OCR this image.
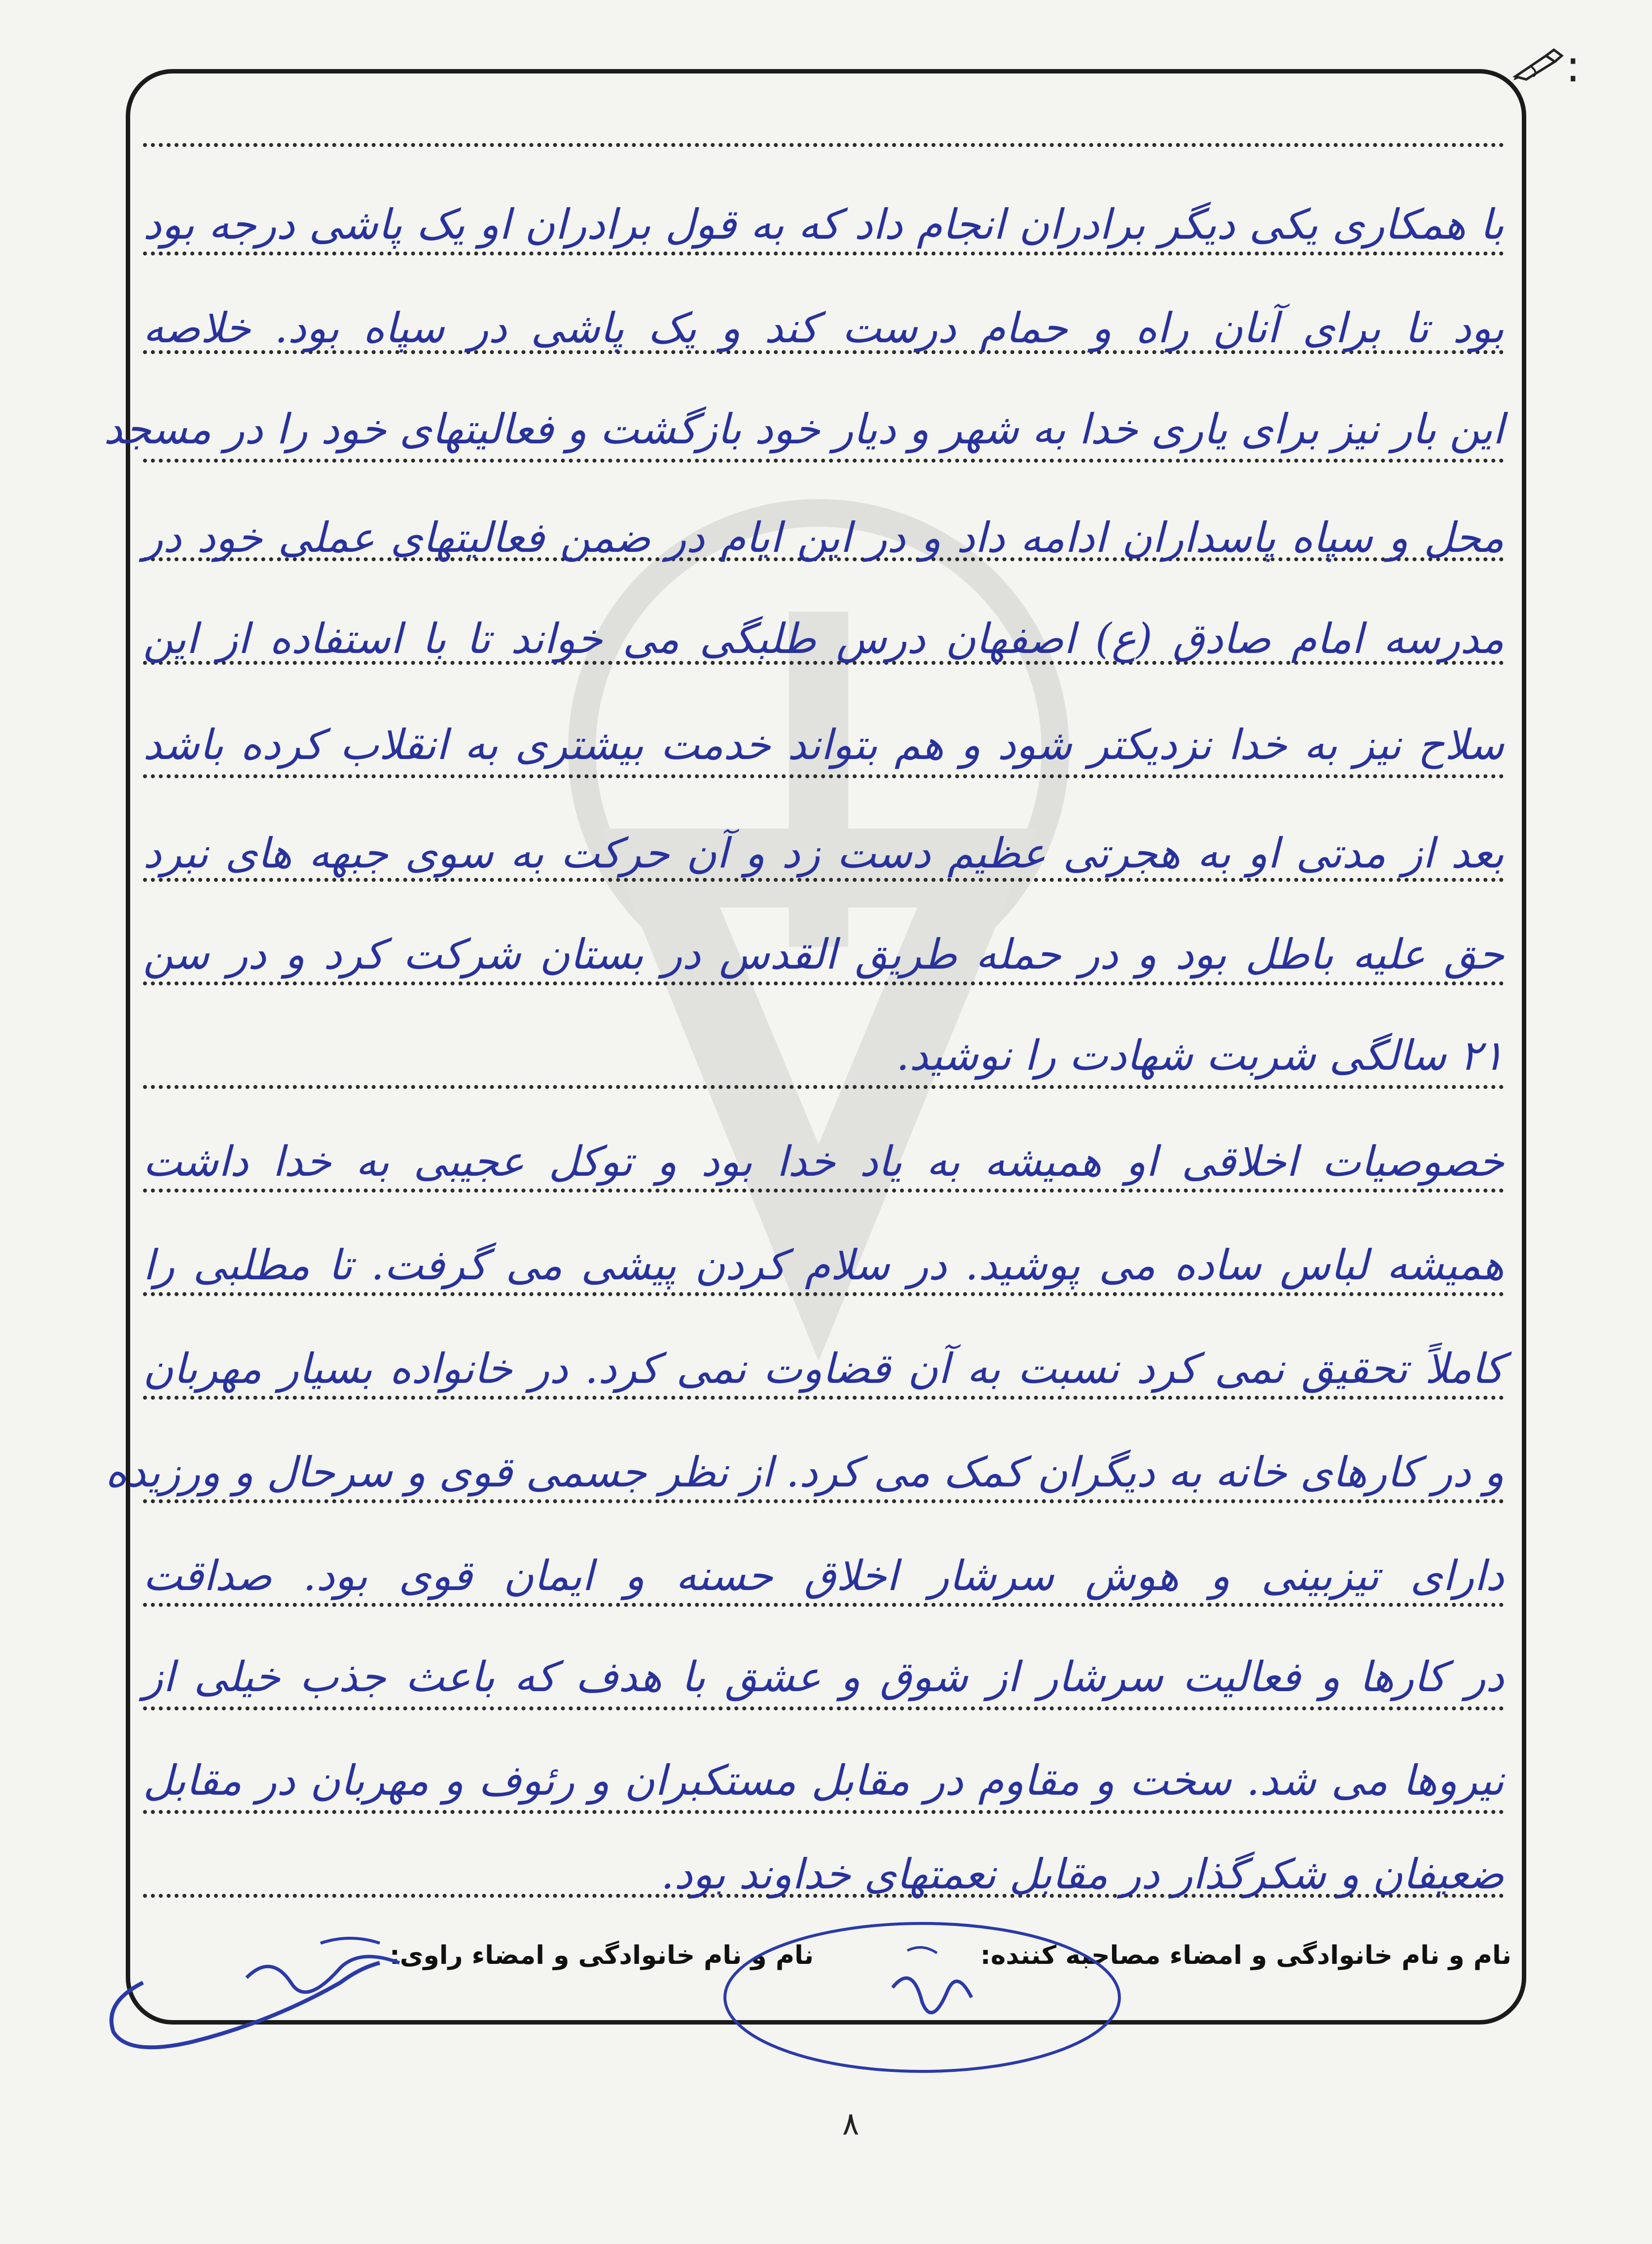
:
با همکاری یکی دیگر برادران انجام داد که به قول برادران او یک پاشی درجه بود
بود تا برای آنان راه و حمام درست کند و یک پاشی در سپاه بود. خلاصه
این بار نیز برای یاری خدا به شهر و دیار خود بازگشت و فعالیتهای خود را در مسجد
محل و سپاه پاسداران ادامه داد و در این ایام در ضمن فعالیتهای عملی خود در
مدرسه امام صادق (ع) اصفهان درس طلبگی می خواند تا با استفاده از این
سلاح نیز به خدا نزدیکتر شود و هم بتواند خدمت بیشتری به انقلاب کرده باشد
بعد از مدتی او به هجرتی عظیم دست زد و آن حرکت به سوی جبهه های نبرد
حق علیه باطل بود و در حمله طریق القدس در بستان شرکت کرد و در سن
۲۱ سالگی شربت شهادت را نوشید.
خصوصیات اخلاقی او همیشه به یاد خدا بود و توکل عجیبی به خدا داشت
همیشه لباس ساده می پوشید. در سلام کردن پیشی می گرفت. تا مطلبی را
کاملاً تحقیق نمی کرد نسبت به آن قضاوت نمی کرد. در خانواده بسیار مهربان
و در کارهای خانه به دیگران کمک می کرد. از نظر جسمی قوی و سرحال و ورزیده
دارای تیزبینی و هوش سرشار اخلاق حسنه و ایمان قوی بود. صداقت
در کارها و فعالیت سرشار از شوق و عشق با هدف که باعث جذب خیلی از
نیروها می شد. سخت و مقاوم در مقابل مستکبران و رئوف و مهربان در مقابل
ضعیفان و شکرگذار در مقابل نعمتهای خداوند بود.
نام و نام خانوادگی و امضاء مصاحبه کننده:
نام و نام خانوادگی و امضاء راوی:
۸
